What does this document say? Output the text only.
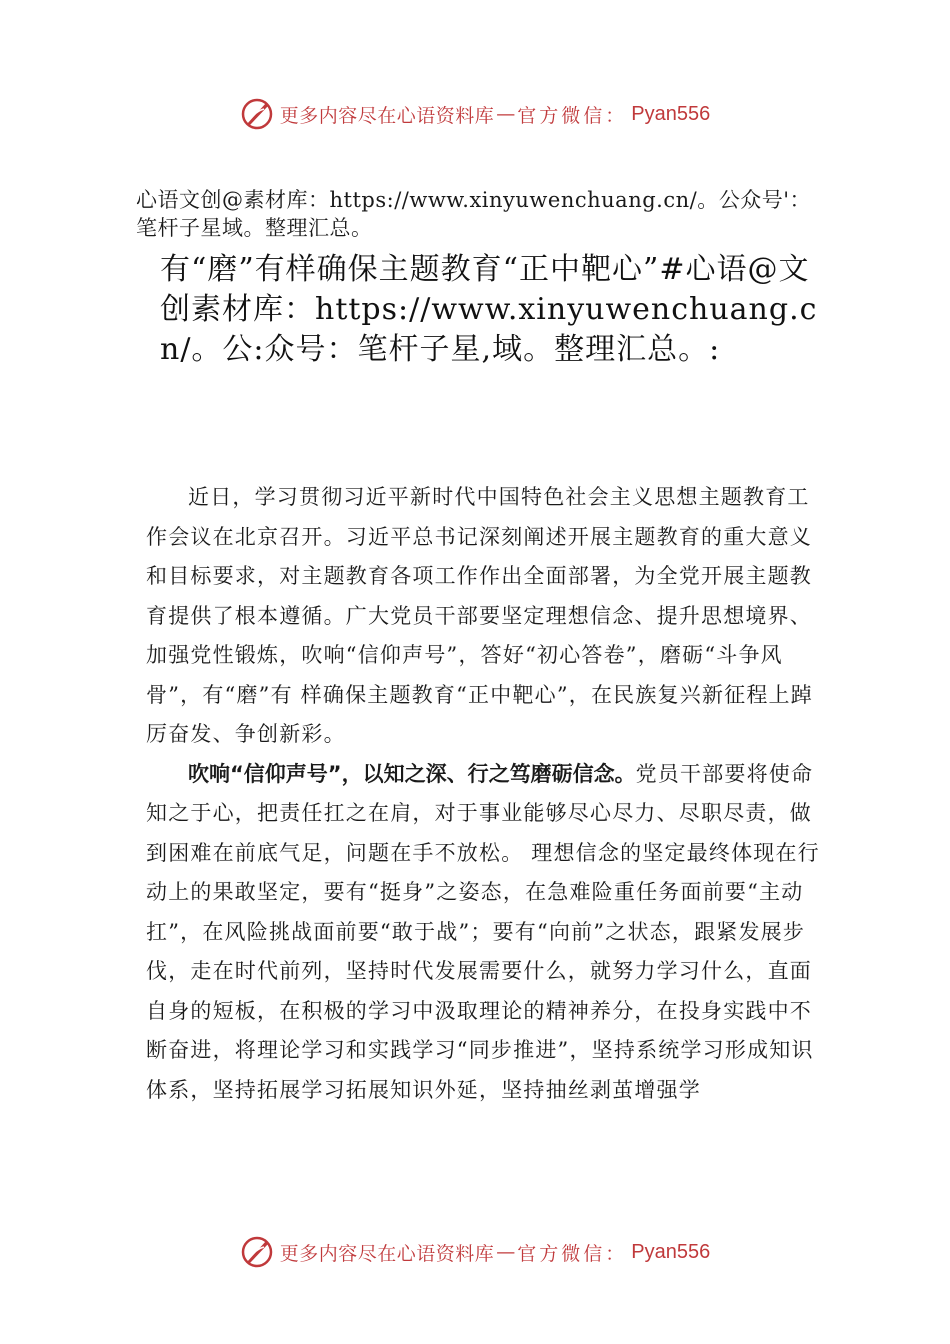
更多内容尽在心语资料库 — 官方微信： Pyan556
心语文创@素材库：https://www.xinyuwenchuang.cn/。公众号'：笔杆子星域。整理汇总。
有“磨”有样确保主题教育“正中靶心”#心语@文创素材库：https://www.xinyuwenchuang.cn/。公:众号：笔杆子星,域。整理汇总。:

近日，学习贯彻习近平新时代中国特色社会主义思想主题教育工作会议在北京召开。习近平总书记深刻阐述开展主题教育的重大意义和目标要求，对主题教育各项工作作出全面部署，为全党开展主题教育提供了根本遵循。广大党员干部要坚定理想信念、提升思想境界、加强党性锻炼，吹响“信仰声号”，答好“初心答卷”，磨砺“斗争风骨”，有“磨”有 样确保主题教育“正中靶心”，在民族复兴新征程上踔厉奋发、争创新彩。

吹响“信仰声号”，以知之深、行之笃磨砺信念。党员干部要将使命知之于心，把责任扛之在肩，对于事业能够尽心尽力、尽职尽责，做到困难在前底气足，问题在手不放松。 理想信念的坚定最终体现在行动上的果敢坚定，要有“挺身”之姿态，在急难险重任务面前要“主动扛”，在风险挑战面前要“敢于战”；要有“向前”之状态，跟紧发展步伐，走在时代前列，坚持时代发展需要什么，就努力学习什么，直面自身的短板，在积极的学习中汲取理论的精神养分，在投身实践中不断奋进，将理论学习和实践学习“同步推进”，坚持系统学习形成知识体系，坚持拓展学习拓展知识外延，坚持抽丝剥茧增强学

更多内容尽在心语资料库 — 官方微信： Pyan556
